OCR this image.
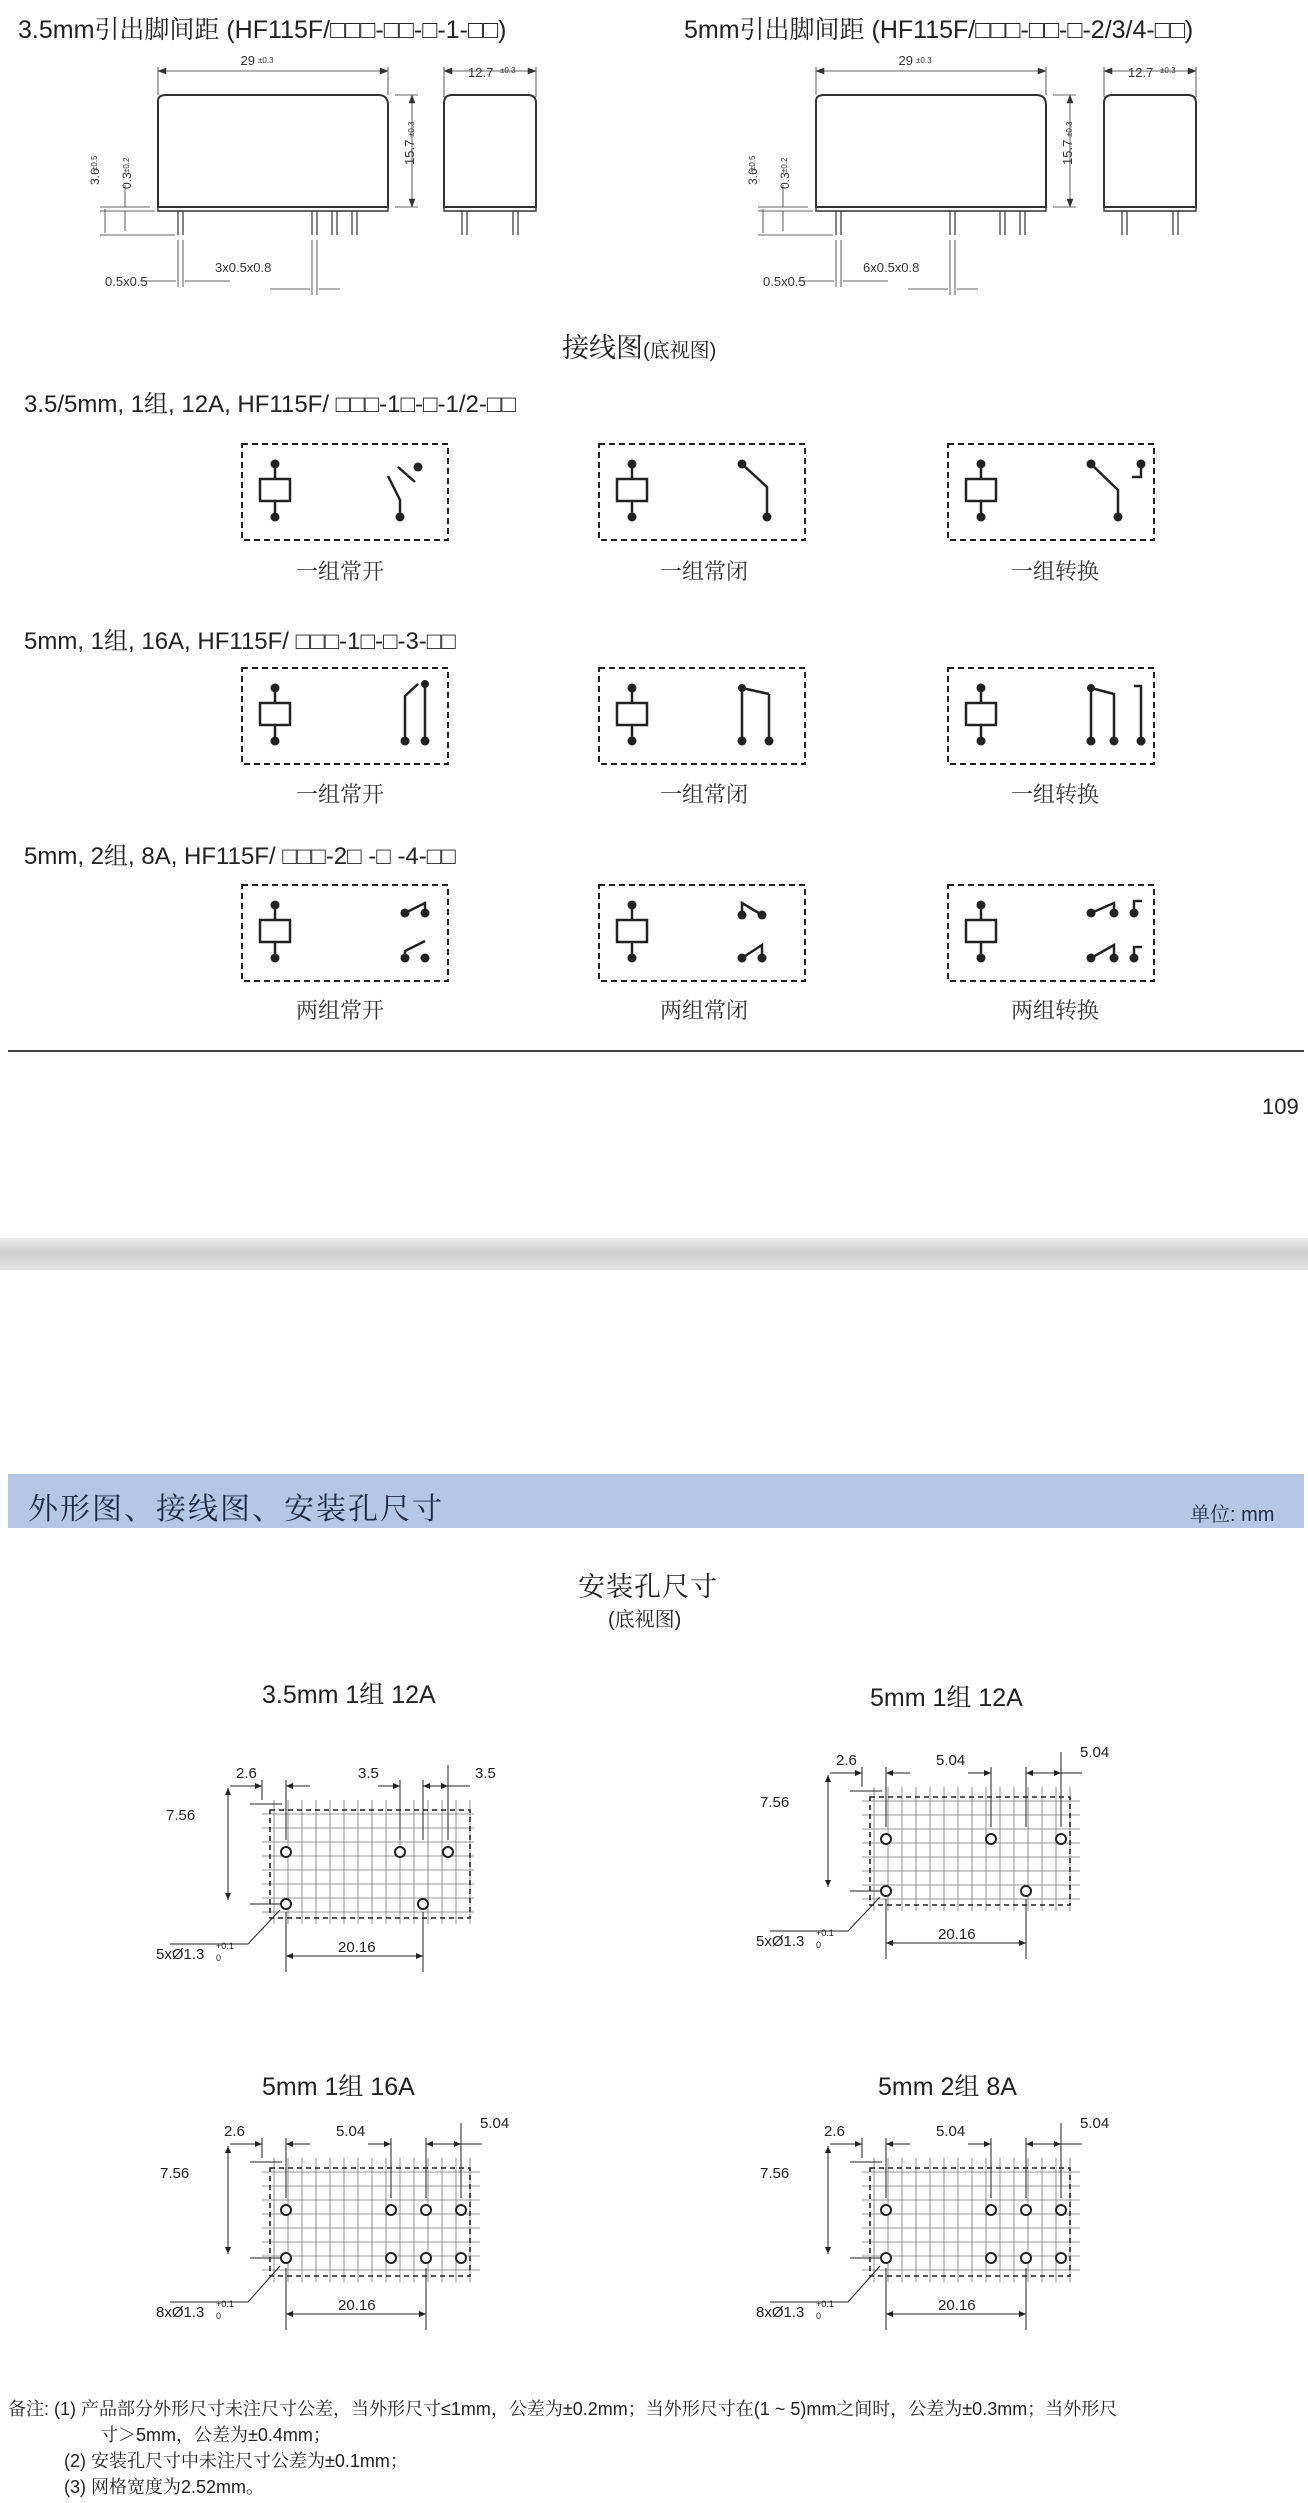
3.5mm引出脚间距 (HF115F/□□□-□□-□-1-□□)	5mm引出脚间距 (HF115F/□□□-□□-□-2/3/4-□□)
29 ±0.3
15.7
±0.3
3.6
±0.5
0.3
±0.2
0.5x0.5
3x0.5x0.8
12.7 ±0.3
29 ±0.3
15.7
±0.3
3.6
±0.5
0.3
±0.2
0.5x0.5
6x0.5x0.8
12.7 ±0.3
接线图(底视图)
3.5/5mm, 1组, 12A, HF115F/ □□□-1□-□-1/2-□□
一组常开	一组常闭	一组转换
5mm, 1组, 16A, HF115F/ □□□-1□-□-3-□□
一组常开	一组常闭	一组转换
5mm, 2组, 8A, HF115F/ □□□-2□ -□ -4-□□
两组常开	两组常闭	两组转换
109
外形图、接线图、安装孔尺寸	单位: mm
安装孔尺寸
(底视图)
3.5mm 1组 12A
2.6	3.5	3.5
7.56
5xØ1.3 +0.1
0
20.16
5mm 1组 12A
2.6	5.04	5.04
7.56
5xØ1.3 +0.1
0
20.16
5mm 1组 16A
2.6	5.04	5.04
7.56
8xØ1.3 +0.1
0
20.16
5mm 2组 8A
2.6	5.04	5.04
7.56
8xØ1.3 +0.1
0
20.16
备注: (1) 产品部分外形尺寸未注尺寸公差，当外形尺寸≤1mm，公差为±0.2mm；当外形尺寸在(1 ~ 5)mm之间时，公差为±0.3mm；当外形尺
寸＞5mm，公差为±0.4mm；
(2) 安装孔尺寸中未注尺寸公差为±0.1mm；
(3) 网格宽度为2.52mm。
